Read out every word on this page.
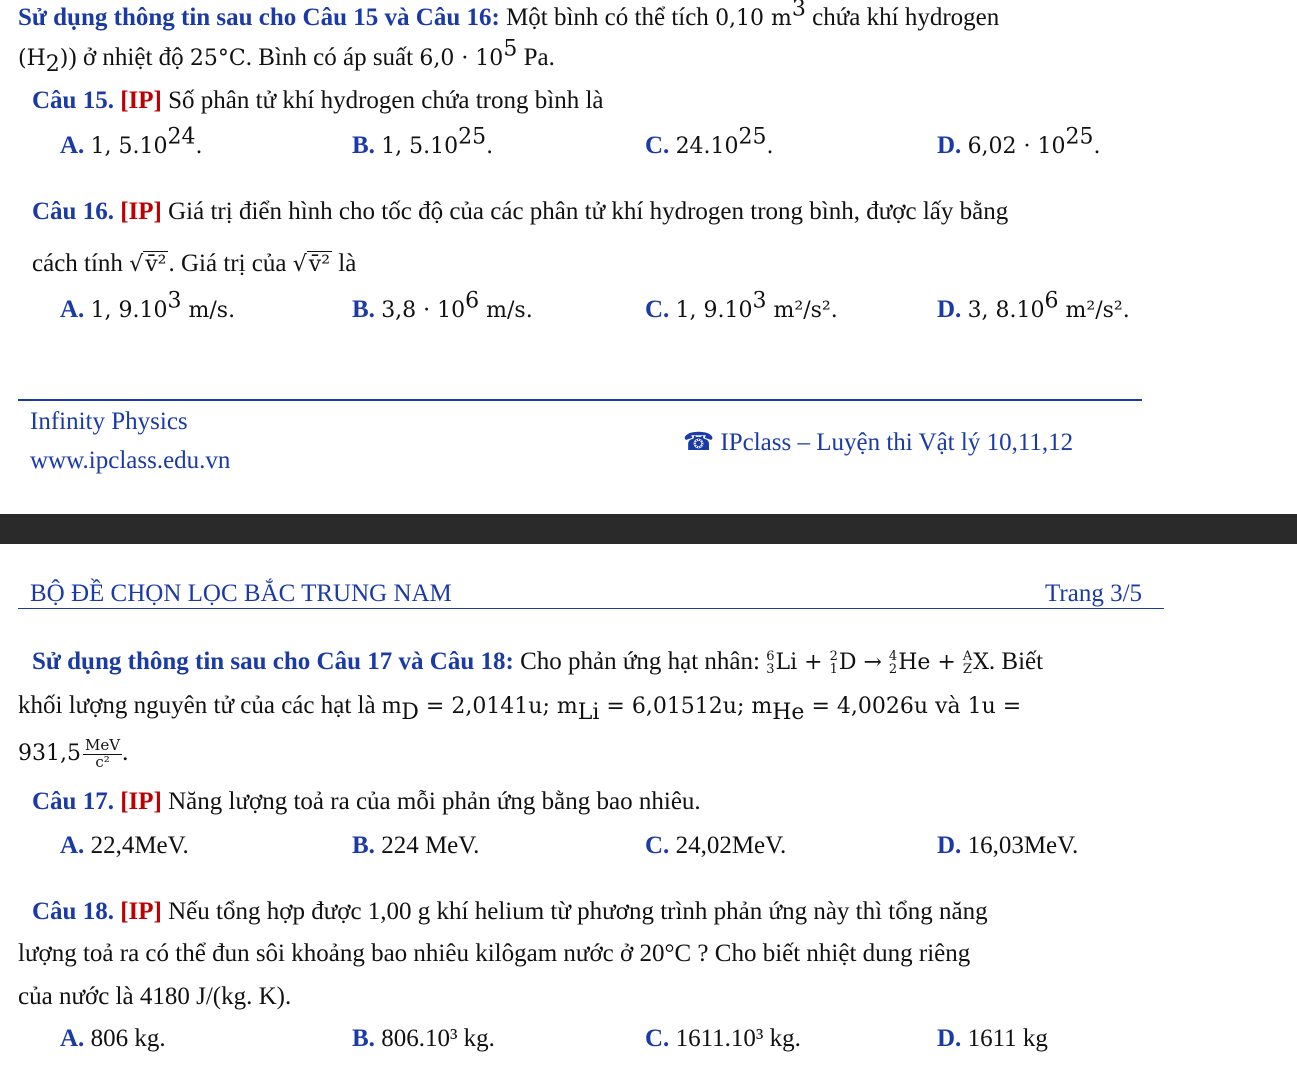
Sử dụng thông tin sau cho Câu 15 và Câu 16: Một bình có thể tích 0,10 $m^3$ chứa khí hydrogen
$(H_2)$) ở nhiệt độ 25°C. Bình có áp suất $6,0 \cdot 10^5$ Pa.
Câu 15. [IP] Số phân tử khí hydrogen chứa trong bình là
A. 1, 5.10$^{24}$.	B. 1, 5.10$^{25}$.	C. 24.10$^{25}$.	D. $6,02 \cdot 10^{25}$.
Câu 16. [IP] Giá trị điển hình cho tốc độ của các phân tử khí hydrogen trong bình, được lấy bằng
cách tính √v̄². Giá trị của √v̄² là
A. 1, 9.10$^3$ m/s.	B. $3,8 \cdot 10^6$ m/s.	C. 1, 9.10$^3$ m²/s².	D. 3, 8.10$^6$ m²/s².
Infinity Physics
www.ipclass.edu.vn
☎ IPclass – Luyện thi Vật lý 10,11,12
BỘ ĐỀ CHỌN LỌC BẮC TRUNG NAM	Trang 3/5
Sử dụng thông tin sau cho Câu 17 và Câu 18: Cho phản ứng hạt nhân: 6
3 Li + 2
1 D → 4
2 He + A
Z X. Biết
khối lượng nguyên tử của các hạt là $m_D = 2,0141u$; $m_{Li} = 6,01512u$; $m_{He} = 4,0026u$ và 1u =
$931,5 \frac{\text{MeV}}{\text{c²}}$ .
Câu 17. [IP] Năng lượng toả ra của mỗi phản ứng bằng bao nhiêu.
A. 22,4MeV.	B. 224 MeV.	C. 24,02MeV.	D. 16,03MeV.
Câu 18. [IP] Nếu tổng hợp được 1,00 g khí helium từ phương trình phản ứng này thì tổng năng
lượng toả ra có thể đun sôi khoảng bao nhiêu kilôgam nước ở 20°C ? Cho biết nhiệt dung riêng
của nước là 4180 J/(kg. K).
A. 806 kg.	B. 806.10³ kg.	C. 1611.10³ kg.	D. 1611 kg
